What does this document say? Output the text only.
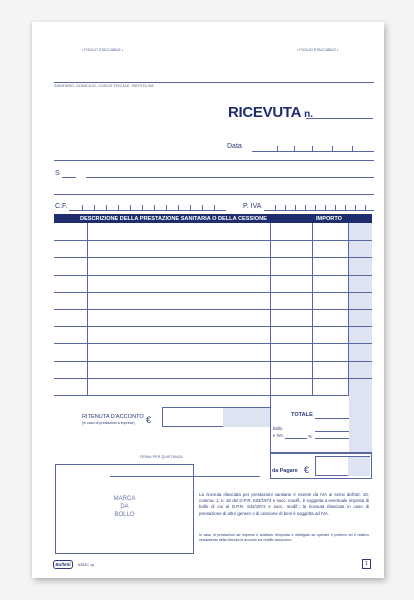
• FOGLIO STACCABILE •	• FOGLIO STACCABILE •
SANITARIO, DOMICILIO, CODICE FISCALE, PARTITA IVA
RICEVUTA n.
Data
S
C.F.	P. IVA
DESCRIZIONE DELLA PRESTAZIONE SANITARIA O DELLA CESSIONE	IMPORTO
RITENUTA D'ACCONTO
(in caso di prestazioni a imprese) €	TOTALE
Bollo
e IVA	%
da Pagare €
FIRMA PER QUIETANZA
MARCA
DA
BOLLO
La ricevuta rilasciata per prestazioni sanitarie è esente da IVA ai sensi dell'art. 10, comma, 1, n. 18 del D.P.R. 633/1972 e succ. modif., è soggetta a eventuale imposta di bollo di cui al D.P.R. 642/1972 e succ. modif.; la ricevuta rilasciata in caso di prestazione di altro genere o di cessione di beni è soggetta ad IVA.
In caso di prestazioni ad imprese il sostituto d'imposta è obbligato ad operare il prelievo ed il relativo versamento della ritenuta di acconto sul reddito autonomo.
Buffetti	6353C cp	1
